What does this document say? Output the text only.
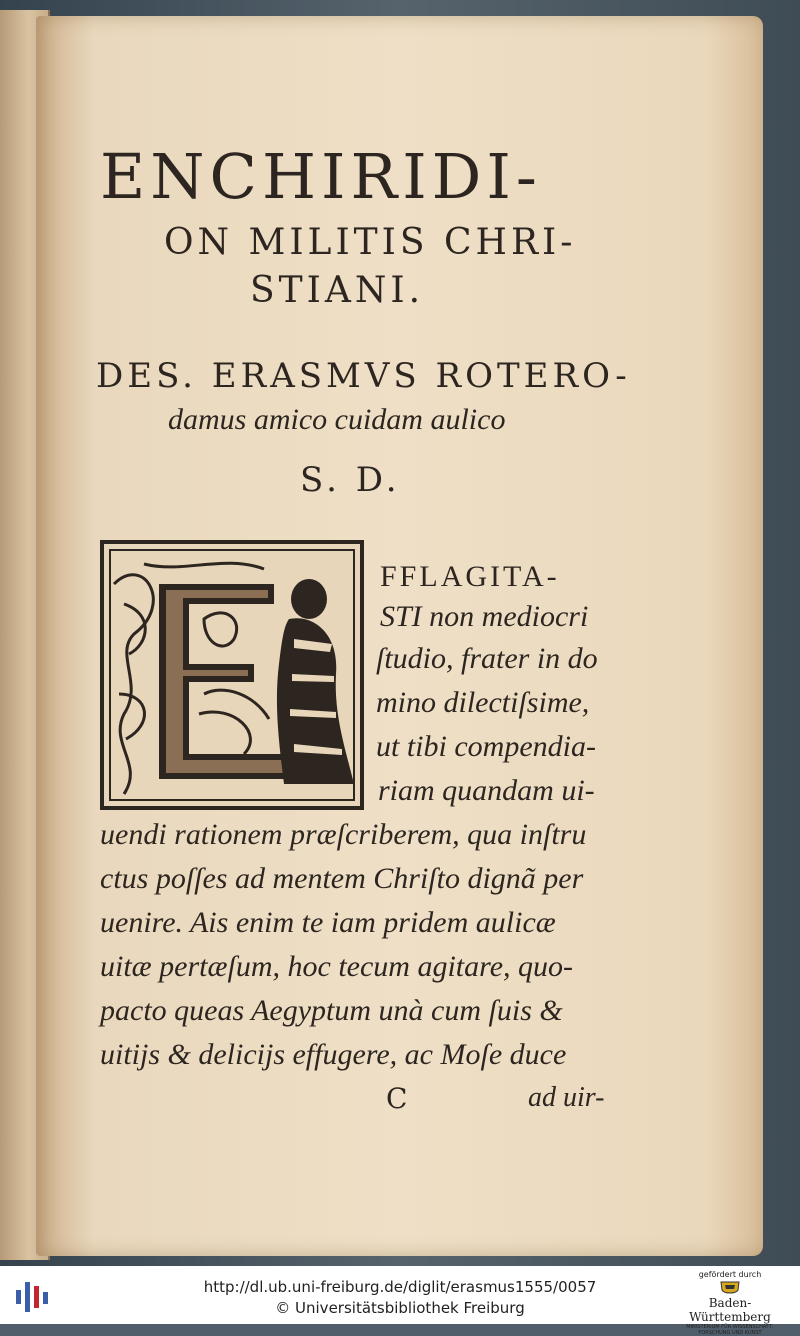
ENCHIRIDI-
ON MILITIS CHRI-
STIANI.
DES. ERASMVS ROTERO-
damus amico cuidam aulico
S. D.
FFLAGITA-
STI non mediocri
ſtudio, frater in do
mino dilectiſsime,
ut tibi compendia-
riam quandam ui-
uendi rationem præſcriberem, qua inſtru
ctus poſſes ad mentem Chriſto dignã per
uenire. Ais enim te iam pridem aulicæ
uitæ pertæſum, hoc tecum agitare, quo-
pacto queas Aegyptum unà cum ſuis &
uitijs & delicijs effugere, ac Moſe duce
C	ad uir-
http://dl.ub.uni-freiburg.de/diglit/erasmus1555/0057
© Universitätsbibliothek Freiburg
gefördert durch
Baden-Württemberg
MINISTERIUM FÜR WISSENSCHAFT, FORSCHUNG UND KUNST
